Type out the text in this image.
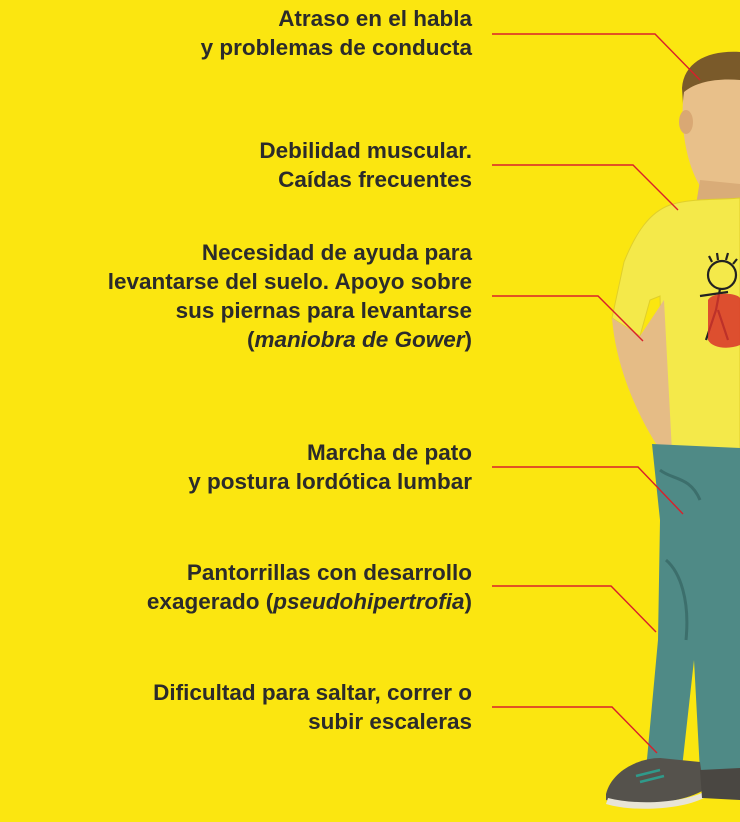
Atraso en el habla
y problemas de conducta
Debilidad muscular.
Caídas frecuentes
Necesidad de ayuda para
levantarse del suelo. Apoyo sobre
sus piernas para levantarse
(maniobra de Gower)
Marcha de pato
y postura lordótica lumbar
Pantorrillas con desarrollo
exagerado (pseudohipertrofia)
Dificultad para saltar, correr o
subir escaleras
